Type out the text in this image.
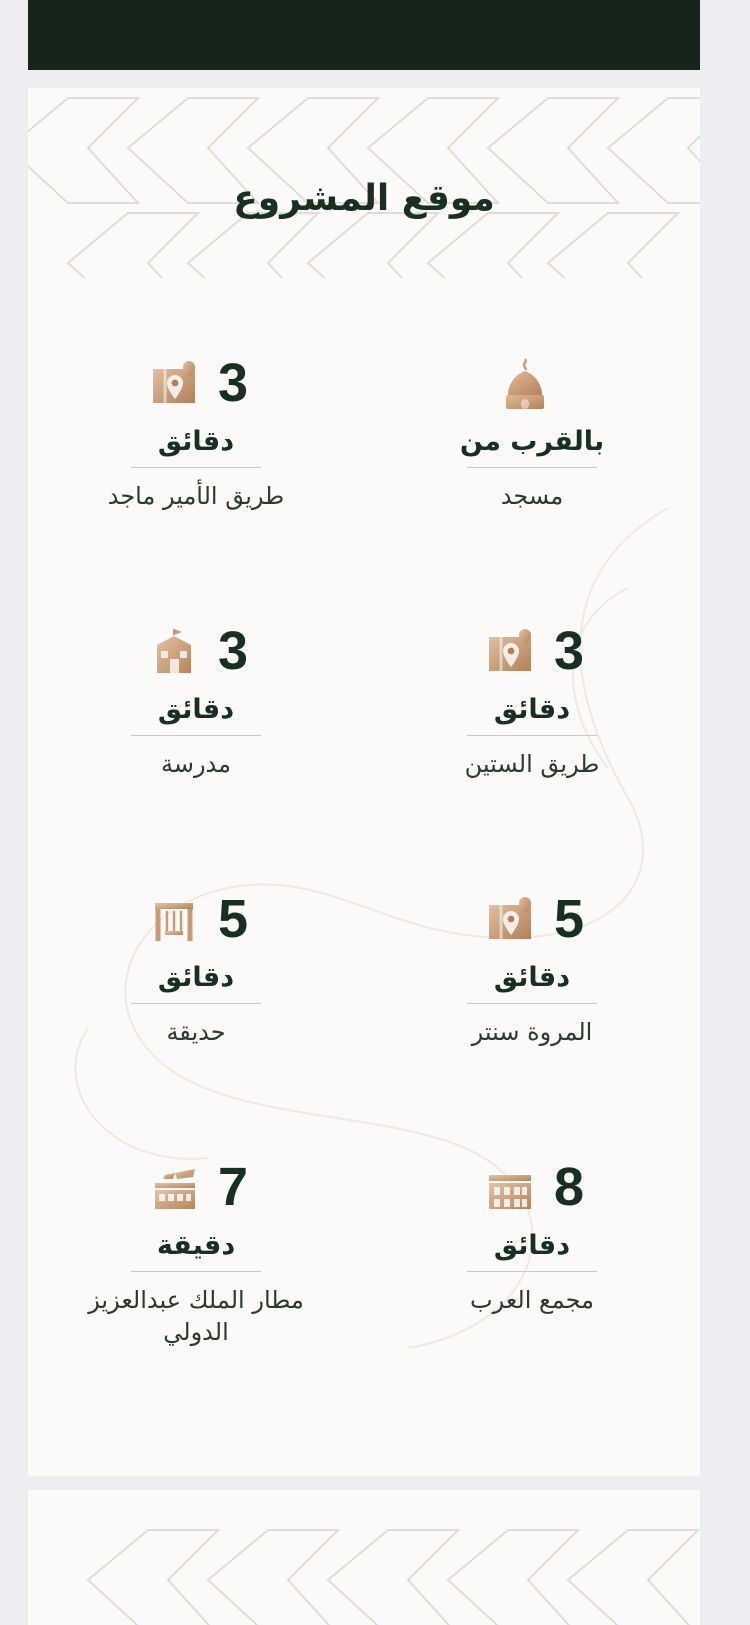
موقع المشروع
بالقرب من
مسجد
3
دقائق
طريق الأمير ماجد
3
دقائق
طريق الستين
3
دقائق
مدرسة
5
دقائق
المروة سنتر
5
دقائق
حديقة
8
دقائق
مجمع العرب
7
دقيقة
مطار الملك عبدالعزيز الدولي
